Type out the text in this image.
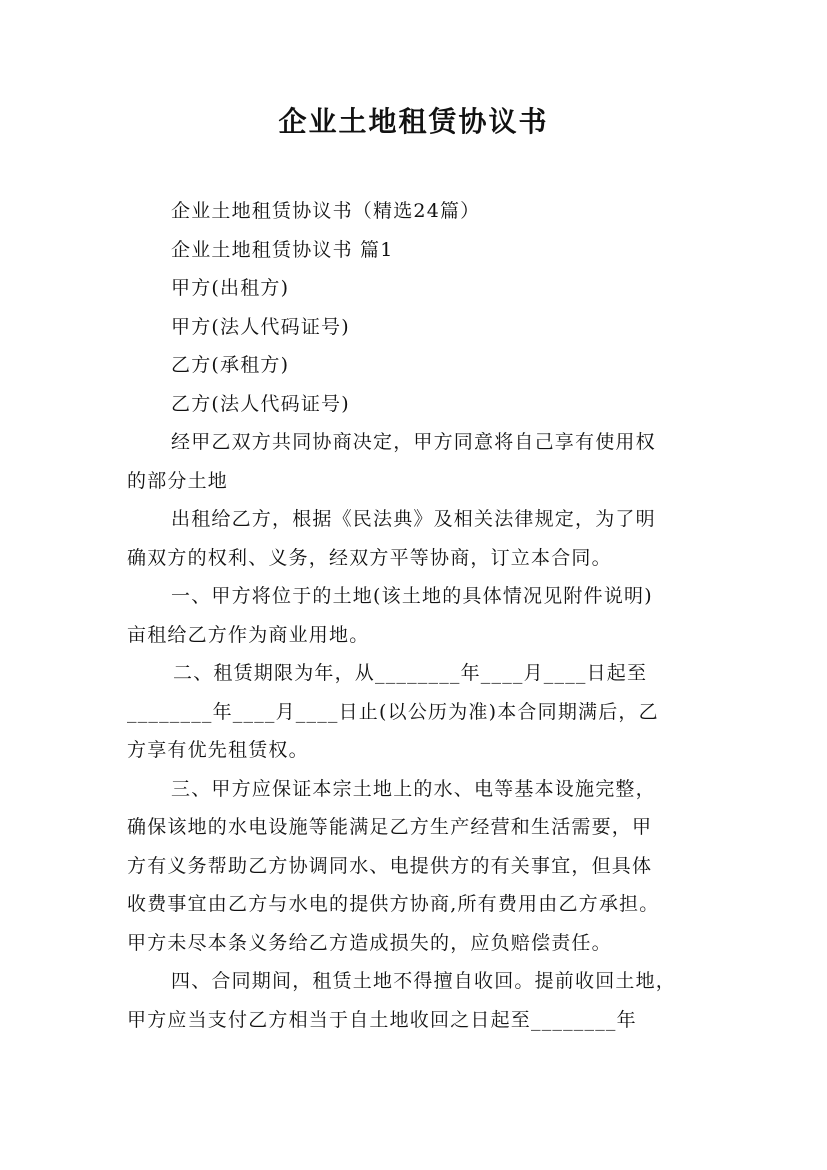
企业土地租赁协议书
企业土地租赁协议书（精选24篇）
企业土地租赁协议书 篇1
甲方(出租方)
甲方(法人代码证号)
乙方(承租方)
乙方(法人代码证号)
经甲乙双方共同协商决定，甲方同意将自己享有使用权
的部分土地
出租给乙方，根据《民法典》及相关法律规定，为了明
确双方的权利、义务，经双方平等协商，订立本合同。
一、甲方将位于的土地(该土地的具体情况见附件说明)
亩租给乙方作为商业用地。
二、租赁期限为年，从________年____月____日起至
________年____月____日止(以公历为准)本合同期满后，乙
方享有优先租赁权。
三、甲方应保证本宗土地上的水、电等基本设施完整，
确保该地的水电设施等能满足乙方生产经营和生活需要，甲
方有义务帮助乙方协调同水、电提供方的有关事宜，但具体
收费事宜由乙方与水电的提供方协商,所有费用由乙方承担。
甲方未尽本条义务给乙方造成损失的，应负赔偿责任。
四、合同期间，租赁土地不得擅自收回。提前收回土地，
甲方应当支付乙方相当于自土地收回之日起至________年
